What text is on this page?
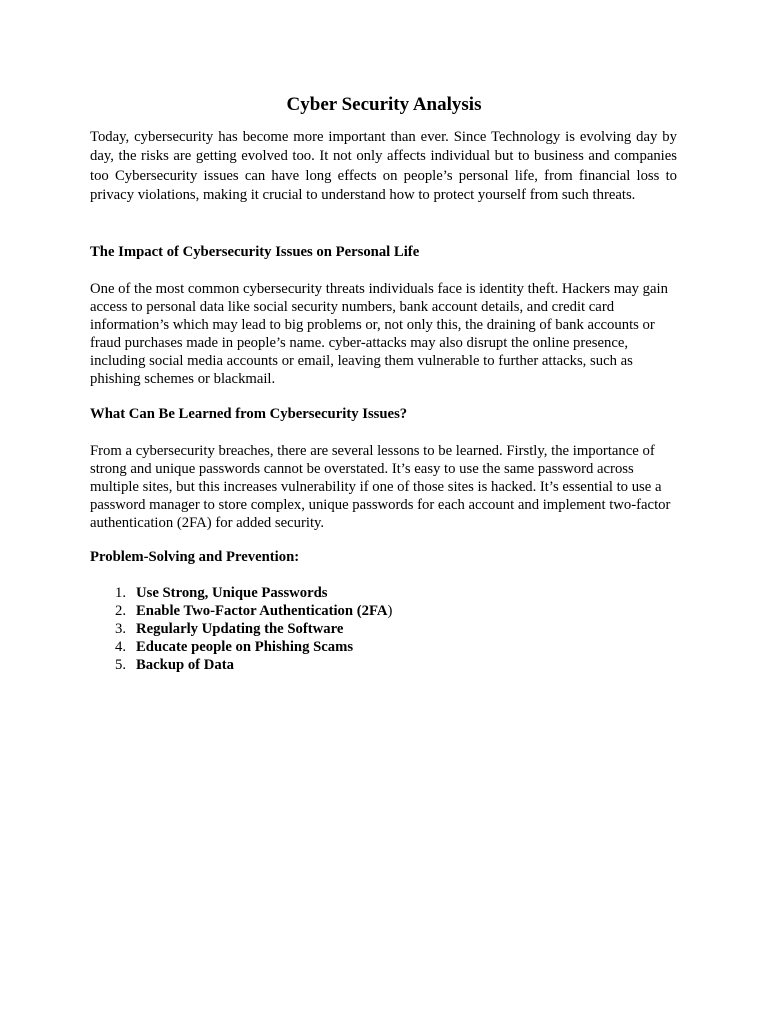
Cyber Security Analysis

Today, cybersecurity has become more important than ever. Since Technology is evolving day by day, the risks are getting evolved too. It not only affects individual but to business and companies too Cybersecurity issues can have long effects on people’s personal life, from financial loss to privacy violations, making it crucial to understand how to protect yourself from such threats.

The Impact of Cybersecurity Issues on Personal Life

One of the most common cybersecurity threats individuals face is identity theft. Hackers may gain access to personal data like social security numbers, bank account details, and credit card information’s which may lead to big problems or, not only this, the draining of bank accounts or fraud purchases made in people’s name. cyber-attacks may also disrupt the online presence, including social media accounts or email, leaving them vulnerable to further attacks, such as phishing schemes or blackmail.

What Can Be Learned from Cybersecurity Issues?

From a cybersecurity breaches, there are several lessons to be learned. Firstly, the importance of strong and unique passwords cannot be overstated. It’s easy to use the same password across multiple sites, but this increases vulnerability if one of those sites is hacked. It’s essential to use a password manager to store complex, unique passwords for each account and implement two-factor authentication (2FA) for added security.

Problem-Solving and Prevention:
1. Use Strong, Unique Passwords
2. Enable Two-Factor Authentication (2FA)
3. Regularly Updating the Software
4. Educate people on Phishing Scams
5. Backup of Data
